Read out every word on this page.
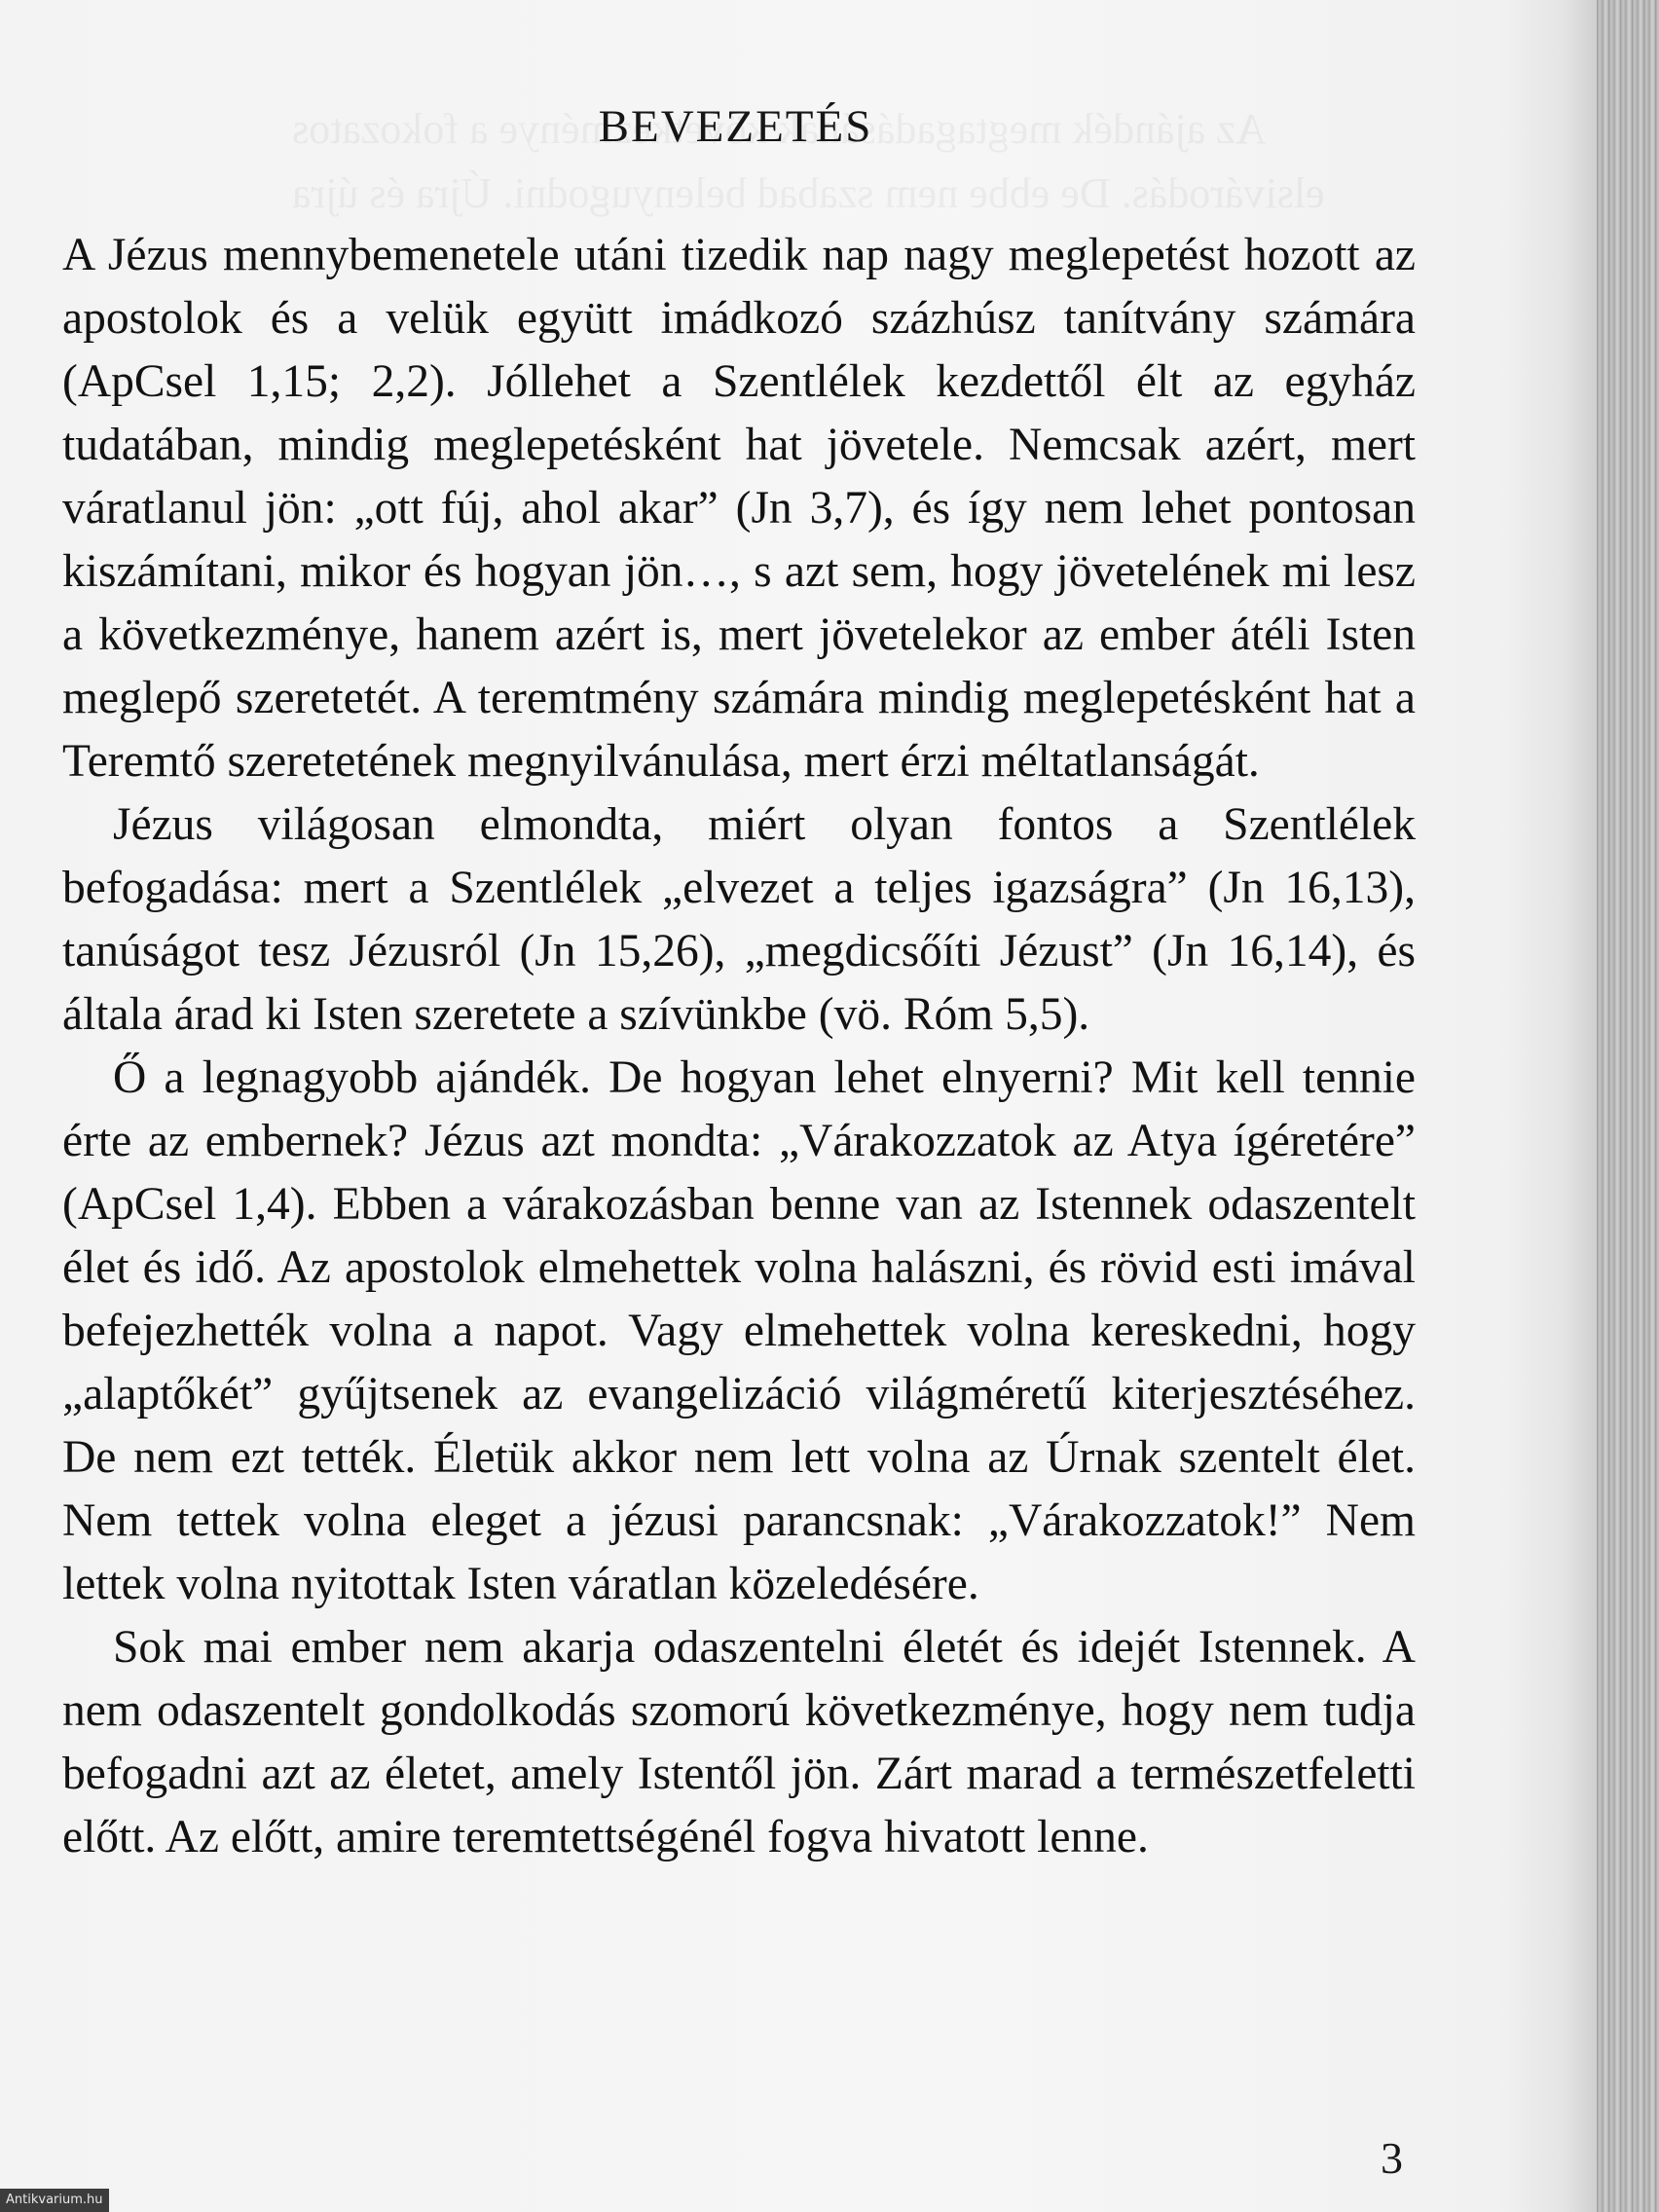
BEVEZETÉS

A Jézus mennybemenetele utáni tizedik nap nagy meglepetést hozott az apostolok és a velük együtt imádkozó százhúsz tanítvány számára (ApCsel 1,15; 2,2). Jóllehet a Szentlélek kezdettől élt az egyház tudatában, mindig meglepetésként hat jövetele. Nemcsak azért, mert váratlanul jön: „ott fúj, ahol akar” (Jn 3,7), és így nem lehet pontosan kiszámítani, mikor és hogyan jön…, s azt sem, hogy jövetelének mi lesz a következménye, hanem azért is, mert jövetelekor az ember átéli Isten meglepő szeretetét. A teremtmény számára mindig meglepetésként hat a Teremtő szeretetének megnyilvánulása, mert érzi méltatlanságát.

Jézus világosan elmondta, miért olyan fontos a Szentlélek befogadása: mert a Szentlélek „elvezet a teljes igazságra” (Jn 16,13), tanúságot tesz Jézusról (Jn 15,26), „megdicsőíti Jézust” (Jn 16,14), és általa árad ki Isten szeretete a szívünkbe (vö. Róm 5,5).

Ő a legnagyobb ajándék. De hogyan lehet elnyerni? Mit kell tennie érte az embernek? Jézus azt mondta: „Várakozzatok az Atya ígéretére” (ApCsel 1,4). Ebben a várakozásban benne van az Istennek odaszentelt élet és idő. Az apostolok elmehettek volna halászni, és rövid esti imával befejezhették volna a napot. Vagy elmehettek volna kereskedni, hogy „alaptőkét” gyűjtsenek az evangelizáció világméretű kiterjesztéséhez. De nem ezt tették. Életük akkor nem lett volna az Úrnak szentelt élet. Nem tettek volna eleget a jézusi parancsnak: „Várakozzatok!” Nem lettek volna nyitottak Isten váratlan közeledésére.

Sok mai ember nem akarja odaszentelni életét és idejét Istennek. A nem odaszentelt gondolkodás szomorú következménye, hogy nem tudja befogadni azt az életet, amely Istentől jön. Zárt marad a természetfeletti előtt. Az előtt, amire teremtettségénél fogva hivatott lenne.

3
Antikvarium.hu
